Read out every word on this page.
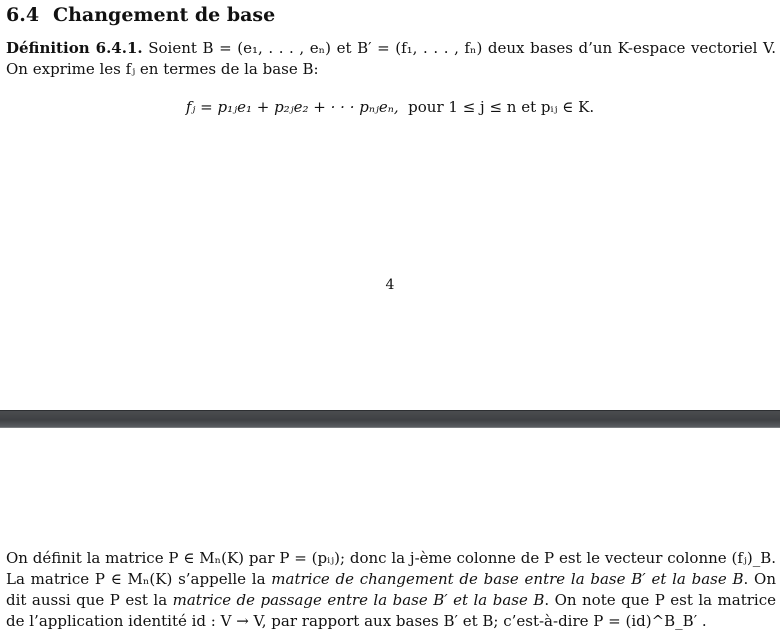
6.4 Changement de base

Définition 6.4.1. Soient B = (e₁, . . . , eₙ) et B′ = (f₁, . . . , fₙ) deux bases d’un K-espace vectoriel V. On exprime les fⱼ en termes de la base B:

fⱼ = p₁ⱼe₁ + p₂ⱼe₂ + · · · pₙⱼeₙ, pour 1 ≤ j ≤ n et pᵢⱼ ∈ K.
4

On définit la matrice P ∈ Mₙ(K) par P = (pᵢⱼ); donc la j-ème colonne de P est le vecteur colonne (fⱼ)_B. La matrice P ∈ Mₙ(K) s’appelle la matrice de changement de base entre la base B′ et la base B. On dit aussi que P est la matrice de passage entre la base B′ et la base B. On note que P est la matrice de l’application identité id : V → V, par rapport aux bases B′ et B; c’est-à-dire P = (id)^B_B′ .
